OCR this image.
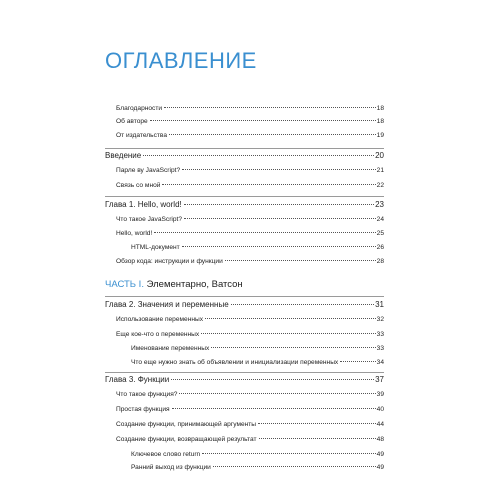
ОГЛАВЛЕНИЕ
Благодарности	18
Об авторе	18
От издательства	19
Введение	20
Парле ву JavaScript?	21
Связь со мной	22
Глава 1. Hello, world!	23
Что такое JavaScript?	24
Hello, world!	25
HTML-документ	26
Обзор кода: инструкции и функции	28
ЧАСТЬ I. Элементарно, Ватсон
Глава 2. Значения и переменные	31
Использование переменных	32
Еще кое-что о переменных	33
Именование переменных	33
Что еще нужно знать об объявлении и инициализации переменных	34
Глава 3. Функции	37
Что такое функция?	39
Простая функция	40
Создание функции, принимающей аргументы	44
Создание функции, возвращающей результат	48
Ключевое слово return	49
Ранний выход из функции	49
